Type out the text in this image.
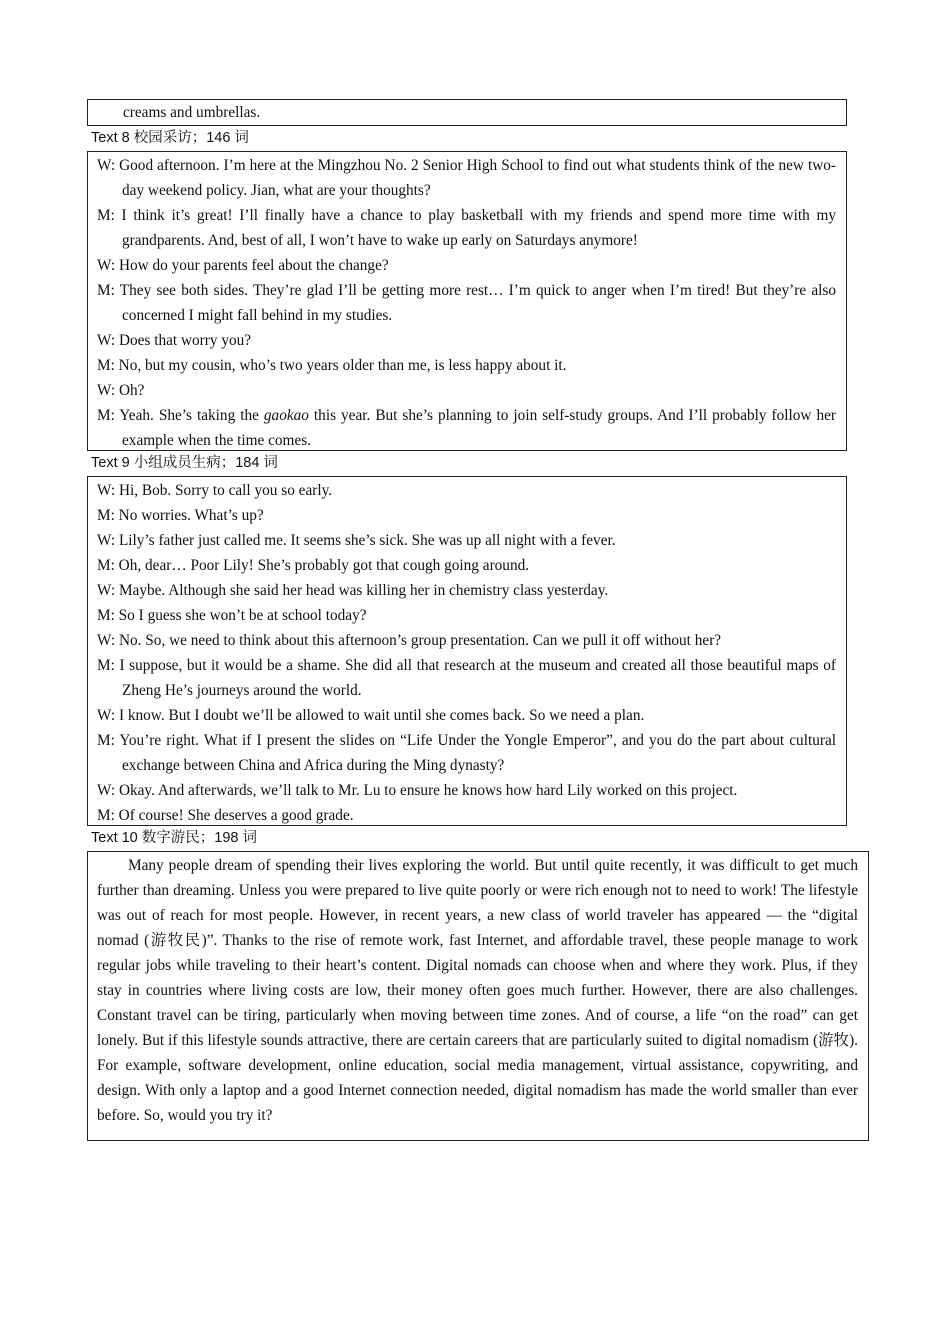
creams and umbrellas.
Text 8 校园采访；146 词

W: Good afternoon. I’m here at the Mingzhou No. 2 Senior High School to find out what students think of the new two-day weekend policy. Jian, what are your thoughts?

M: I think it’s great! I’ll finally have a chance to play basketball with my friends and spend more time with my grandparents. And, best of all, I won’t have to wake up early on Saturdays anymore!

W: How do your parents feel about the change?

M: They see both sides. They’re glad I’ll be getting more rest… I’m quick to anger when I’m tired! But they’re also concerned I might fall behind in my studies.

W: Does that worry you?

M: No, but my cousin, who’s two years older than me, is less happy about it.

W: Oh?

M: Yeah. She’s taking the gaokao this year. But she’s planning to join self-study groups. And I’ll probably follow her example when the time comes.

Text 9 小组成员生病；184 词

W: Hi, Bob. Sorry to call you so early.

M: No worries. What’s up?

W: Lily’s father just called me. It seems she’s sick. She was up all night with a fever.

M: Oh, dear… Poor Lily! She’s probably got that cough going around.

W: Maybe. Although she said her head was killing her in chemistry class yesterday.

M: So I guess she won’t be at school today?

W: No. So, we need to think about this afternoon’s group presentation. Can we pull it off without her?

M: I suppose, but it would be a shame. She did all that research at the museum and created all those beautiful maps of Zheng He’s journeys around the world.

W: I know. But I doubt we’ll be allowed to wait until she comes back. So we need a plan.

M: You’re right. What if I present the slides on “Life Under the Yongle Emperor”, and you do the part about cultural exchange between China and Africa during the Ming dynasty?

W: Okay. And afterwards, we’ll talk to Mr. Lu to ensure he knows how hard Lily worked on this project.

M: Of course! She deserves a good grade.

Text 10 数字游民；198 词

Many people dream of spending their lives exploring the world. But until quite recently, it was difficult to get much further than dreaming. Unless you were prepared to live quite poorly or were rich enough not to need to work! The lifestyle was out of reach for most people. However, in recent years, a new class of world traveler has appeared — the “digital nomad (游牧民)”. Thanks to the rise of remote work, fast Internet, and affordable travel, these people manage to work regular jobs while traveling to their heart’s content. Digital nomads can choose when and where they work. Plus, if they stay in countries where living costs are low, their money often goes much further. However, there are also challenges. Constant travel can be tiring, particularly when moving between time zones. And of course, a life “on the road” can get lonely. But if this lifestyle sounds attractive, there are certain careers that are particularly suited to digital nomadism (游牧). For example, software development, online education, social media management, virtual assistance, copywriting, and design. With only a laptop and a good Internet connection needed, digital nomadism has made the world smaller than ever before. So, would you try it?
